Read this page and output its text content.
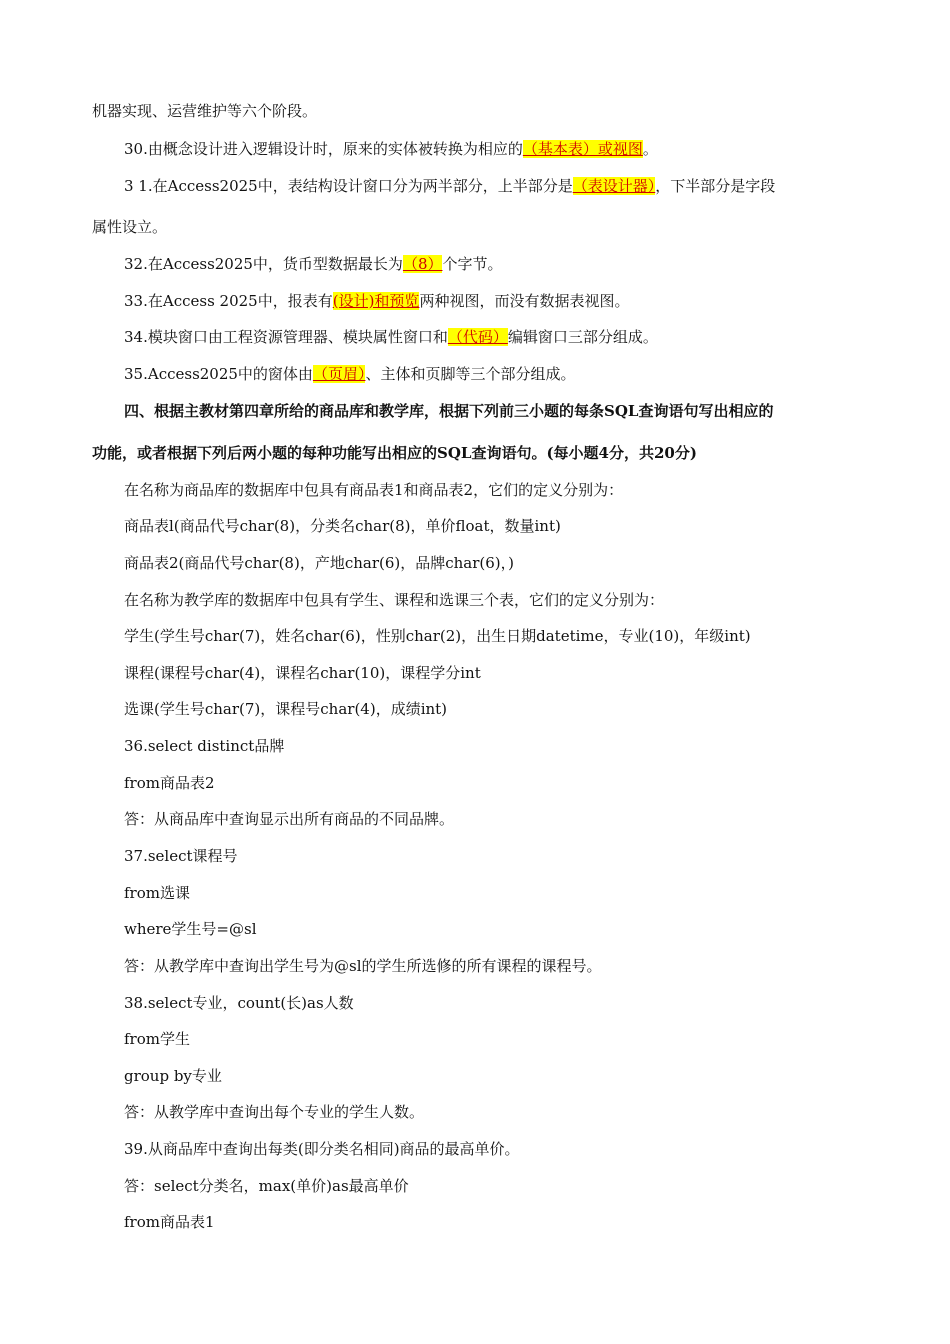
机器实现、运营维护等六个阶段。
30.由概念设计进入逻辑设计时，原来的实体被转换为相应的（基本表）或视图。
3 1.在Access2025中，表结构设计窗口分为两半部分，上半部分是（表设计器），下半部分是字段
属性设立。
32.在Access2025中，货币型数据最长为（8）个字节。
33.在Access 2025中，报表有(设计)和预览两种视图，而没有数据表视图。
34.模块窗口由工程资源管理器、模块属性窗口和（代码）编辑窗口三部分组成。
35.Access2025中的窗体由（页眉）、主体和页脚等三个部分组成。
四、根据主教材第四章所给的商品库和教学库，根据下列前三小题的每条SQL查询语句写出相应的
功能，或者根据下列后两小题的每种功能写出相应的SQL查询语句。(每小题4分，共20分)
在名称为商品库的数据库中包具有商品表1和商品表2，它们的定义分别为：
商品表l(商品代号char(8)，分类名char(8)，单价float，数量int)
商品表2(商品代号char(8)，产地char(6)，品牌char(6)，)
在名称为教学库的数据库中包具有学生、课程和选课三个表，它们的定义分别为：
学生(学生号char(7)，姓名char(6)，性别char(2)，出生日期datetime，专业(10)，年级int)
课程(课程号char(4)，课程名char(10)，课程学分int
选课(学生号char(7)，课程号char(4)，成绩int)
36.select distinct品牌
from商品表2
答：从商品库中查询显示出所有商品的不同品牌。
37.select课程号
from选课
where学生号=@sl
答：从教学库中查询出学生号为@sl的学生所选修的所有课程的课程号。
38.select专业，count(长)as人数
from学生
group by专业
答：从教学库中查询出每个专业的学生人数。
39.从商品库中查询出每类(即分类名相同)商品的最高单价。
答：select分类名，max(单价)as最高单价
from商品表1
